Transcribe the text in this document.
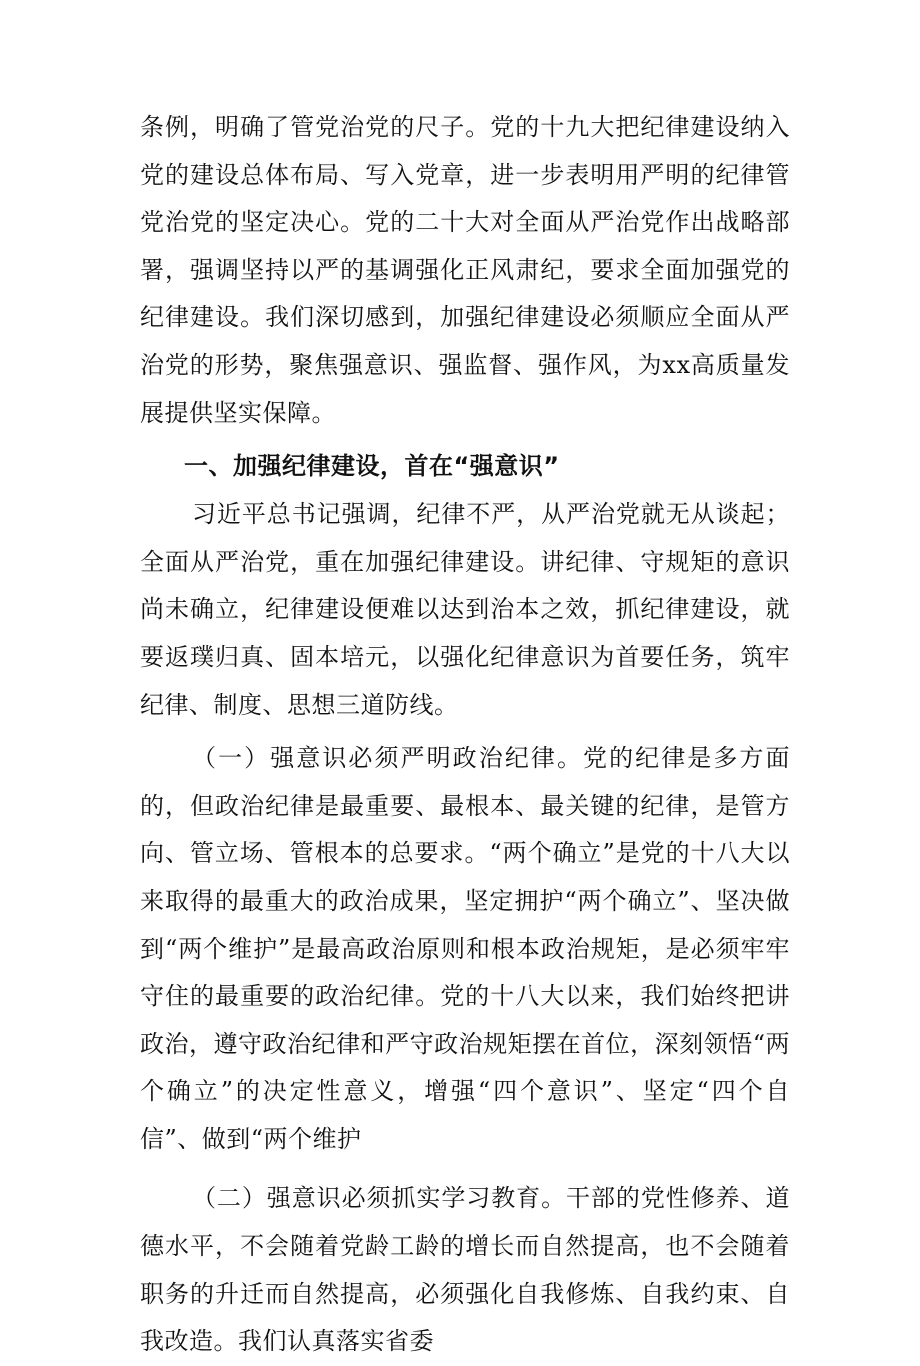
条例，明确了管党治党的尺子。党的十九大把纪律建设纳入党的建设总体布局、写入党章，进一步表明用严明的纪律管党治党的坚定决心。党的二十大对全面从严治党作出战略部署，强调坚持以严的基调强化正风肃纪，要求全面加强党的纪律建设。我们深切感到，加强纪律建设必须顺应全面从严治党的形势，聚焦强意识、强监督、强作风，为xx高质量发展提供坚实保障。

一、加强纪律建设，首在“强意识”

习近平总书记强调，纪律不严，从严治党就无从谈起；全面从严治党，重在加强纪律建设。讲纪律、守规矩的意识尚未确立，纪律建设便难以达到治本之效，抓纪律建设，就要返璞归真、固本培元，以强化纪律意识为首要任务，筑牢纪律、制度、思想三道防线。

（一）强意识必须严明政治纪律。党的纪律是多方面的，但政治纪律是最重要、最根本、最关键的纪律，是管方向、管立场、管根本的总要求。“两个确立”是党的十八大以来取得的最重大的政治成果，坚定拥护“两个确立”、坚决做到“两个维护”是最高政治原则和根本政治规矩，是必须牢牢守住的最重要的政治纪律。党的十八大以来，我们始终把讲政治，遵守政治纪律和严守政治规矩摆在首位，深刻领悟“两个确立”的决定性意义，增强“四个意识”、坚定“四个自信”、做到“两个维护

（二）强意识必须抓实学习教育。干部的党性修养、道德水平，不会随着党龄工龄的增长而自然提高，也不会随着职务的升迁而自然提高，必须强化自我修炼、自我约束、自我改造。我们认真落实省委
